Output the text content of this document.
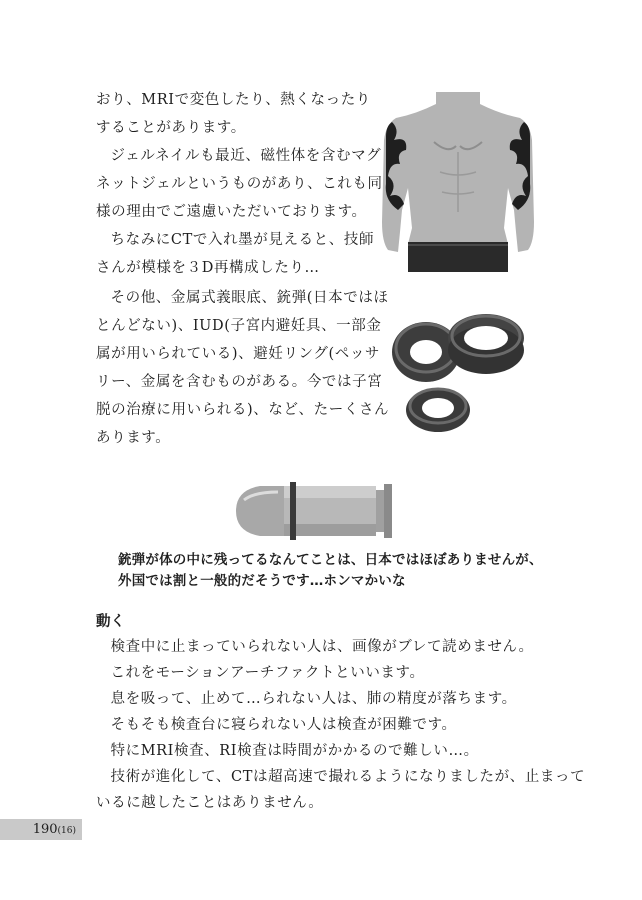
おり、MRIで変色したり、熱くなったり

することがあります。

ジェルネイルも最近、磁性体を含むマグ

ネットジェルというものがあり、これも同

様の理由でご遠慮いただいております。

ちなみにCTで入れ墨が見えると、技師

さんが模様を３D再構成したり…

その他、金属式義眼底、銃弾(日本ではほ

とんどない)、IUD(子宮内避妊具、一部金

属が用いられている)、避妊リング(ペッサ

リー、金属を含むものがある。今では子宮

脱の治療に用いられる)、など、たーくさん

あります。

銃弾が体の中に残ってるなんてことは、日本ではほぼありませんが、

外国では割と一般的だそうです…ホンマかいな

動く

検査中に止まっていられない人は、画像がブレて読めません。

これをモーションアーチファクトといいます。

息を吸って、止めて…られない人は、肺の精度が落ちます。

そもそも検査台に寝られない人は検査が困難です。

特にMRI検査、RI検査は時間がかかるので難しい…。

技術が進化して、CTは超高速で撮れるようになりましたが、止まって

いるに越したことはありません。

190(16)
